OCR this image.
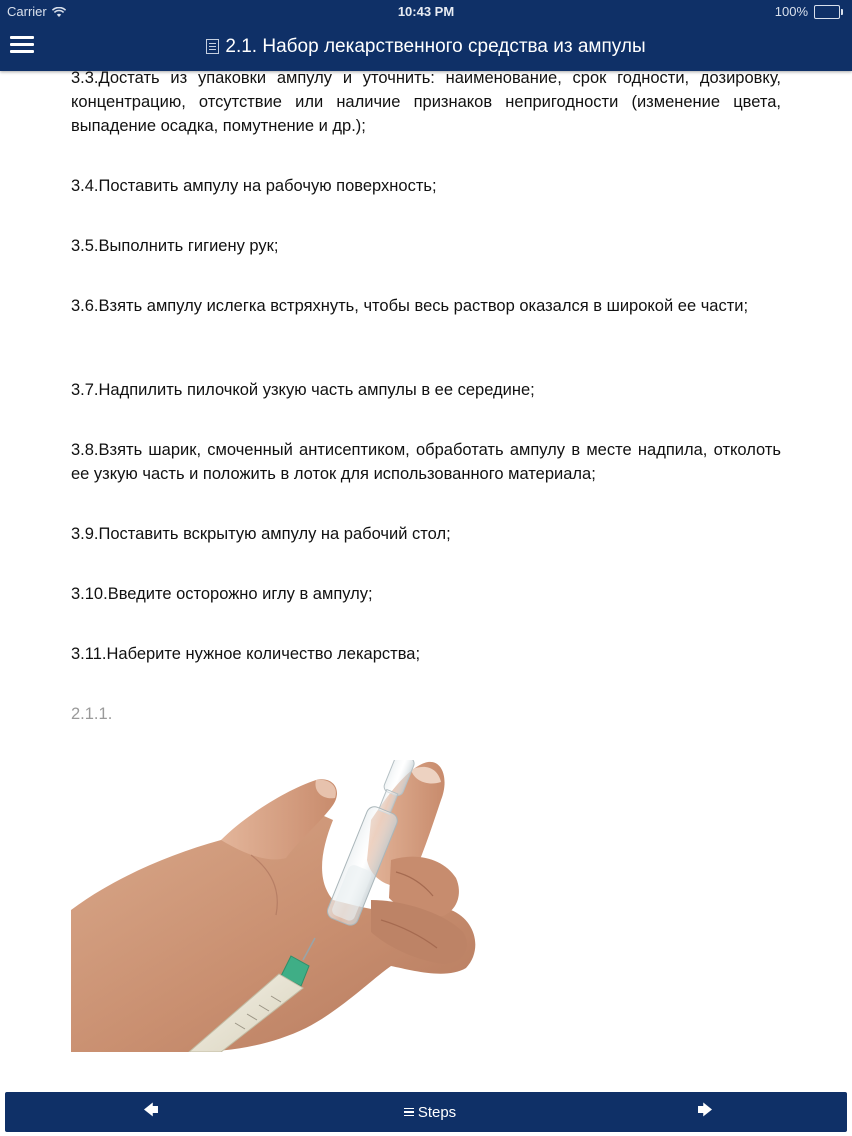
Carrier	10:43 PM	100%
2.1. Набор лекарственного средства из ампулы

3.3.Достать из упаковки ампулу и уточнить: наименование, срок годности, дозировку, концентрацию, отсутствие или наличие признаков непригодности (изменение цвета, выпадение осадка, помутнение и др.);

3.4.Поставить ампулу на рабочую поверхность;

3.5.Выполнить гигиену рук;

3.6.Взять ампулу ислегка встряхнуть, чтобы весь раствор оказался в широкой ее части;

3.7.Надпилить пилочкой узкую часть ампулы в ее середине;

3.8.Взять шарик, смоченный антисептиком, обработать ампулу в месте надпила, отколоть ее узкую часть и положить в лоток для использованного материала;

3.9.Поставить вскрытую ампулу на рабочий стол;

3.10.Введите осторожно иглу в ампулу;

3.11.Наберите нужное количество лекарства;

2.1.1.
🡄	Steps	🡆
